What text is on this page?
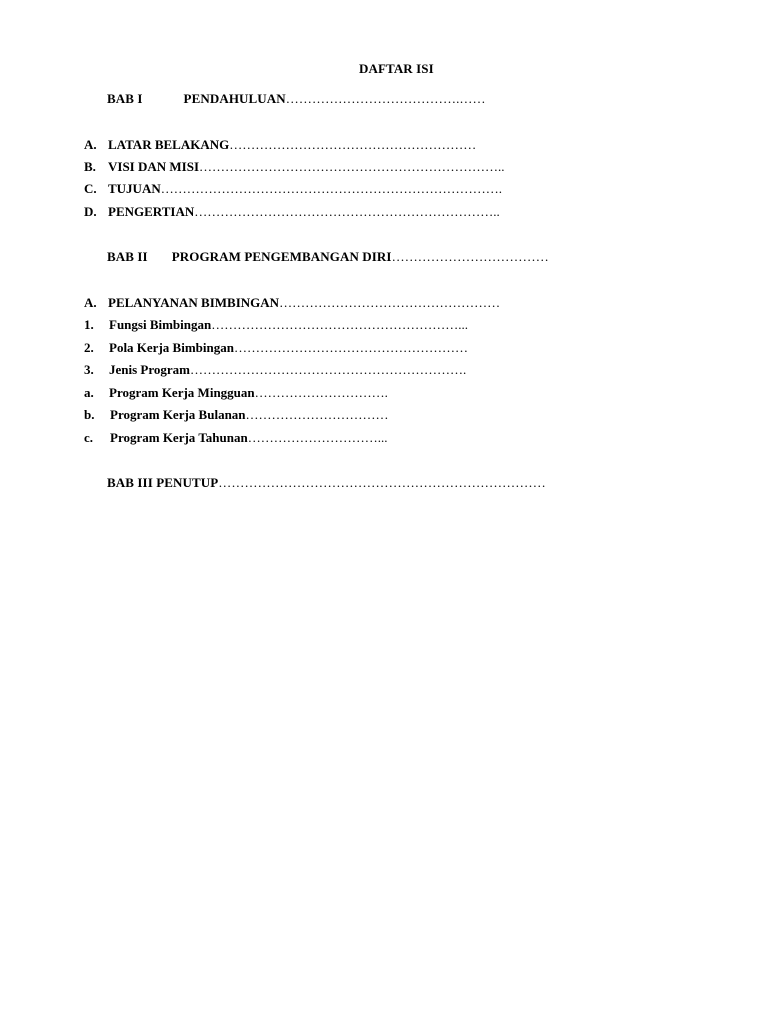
DAFTAR ISI
BAB I	PENDAHULUAN………………………………….……
A. LATAR BELAKANG…………………………………………………
B. VISI DAN MISI……………………………………………………………..
C. TUJUAN…………………………………………………………………….
D. PENGERTIAN……………………………………………………………..
BAB II PROGRAM PENGEMBANGAN DIRI………………………………
A. PELANYANAN BIMBINGAN……………………………………………
1. Fungsi Bimbingan…………………………………………………...
2. Pola Kerja Bimbingan………………………………………………
3. Jenis Program……………………………………………………….
a. Program Kerja Mingguan………………………….
b. Program Kerja Bulanan……………………………
c. Program Kerja Tahunan…………………………...
BAB III PENUTUP…………………………………………………………………
